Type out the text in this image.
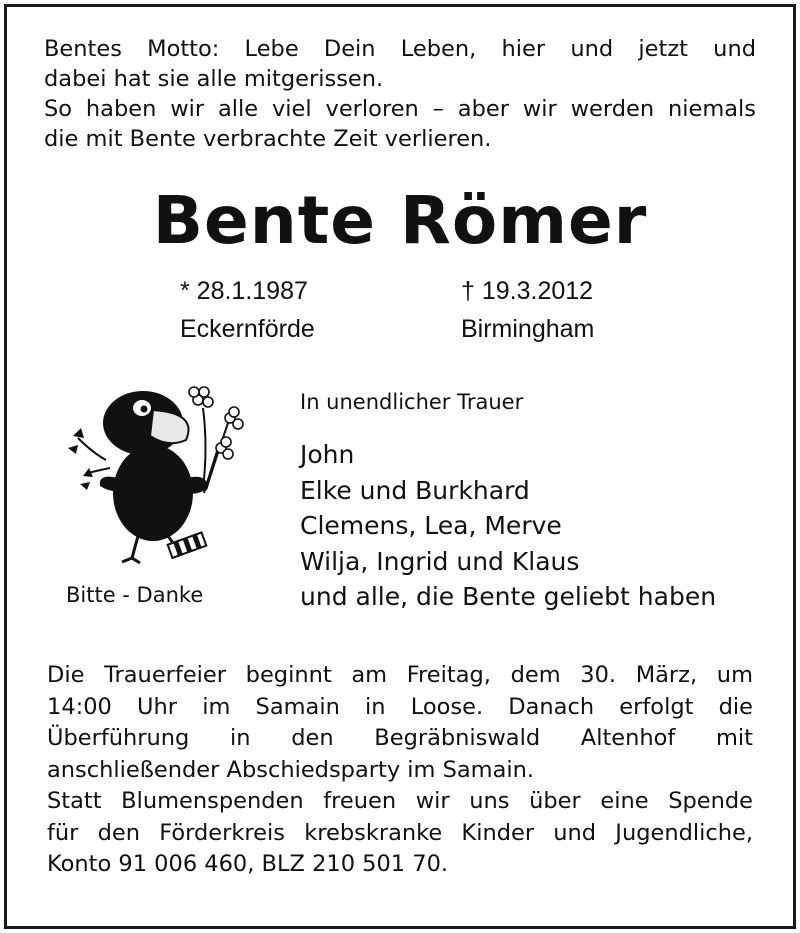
Bentes Motto: Lebe Dein Leben, hier und jetzt und
dabei hat sie alle mitgerissen.
So haben wir alle viel verloren – aber wir werden niemals
die mit Bente verbrachte Zeit verlieren.
Bente Römer
* 28.1.1987
Eckernförde
† 19.3.2012
Birmingham
Bitte - Danke
In unendlicher Trauer
John
Elke und Burkhard
Clemens, Lea, Merve
Wilja, Ingrid und Klaus
und alle, die Bente geliebt haben
Die Trauerfeier beginnt am Freitag, dem 30. März, um
14:00 Uhr im Samain in Loose. Danach erfolgt die
Überführung in den Begräbniswald Altenhof mit
anschließender Abschiedsparty im Samain.
Statt Blumenspenden freuen wir uns über eine Spende
für den Förderkreis krebskranke Kinder und Jugendliche,
Konto 91 006 460, BLZ 210 501 70.
